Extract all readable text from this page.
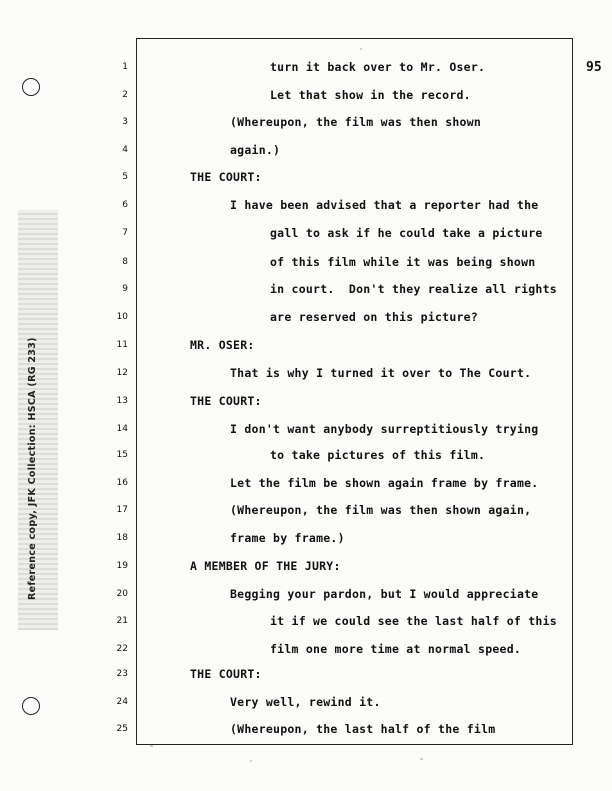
Reference copy, JFK Collection: HSCA (RG 233)
95
1	turn it back over to Mr. Oser.
2	Let that show in the record.
3	(Whereupon, the film was then shown
4	again.)
5	THE COURT:
6	I have been advised that a reporter had the
7	gall to ask if he could take a picture
8	of this film while it was being shown
9	in court.  Don't they realize all rights
10	are reserved on this picture?
11	MR. OSER:
12	That is why I turned it over to The Court.
13	THE COURT:
14	I don't want anybody surreptitiously trying
15	to take pictures of this film.
16	Let the film be shown again frame by frame.
17	(Whereupon, the film was then shown again,
18	frame by frame.)
19	A MEMBER OF THE JURY:
20	Begging your pardon, but I would appreciate
21	it if we could see the last half of this
22	film one more time at normal speed.
23	THE COURT:
24	Very well, rewind it.
25	(Whereupon, the last half of the film
